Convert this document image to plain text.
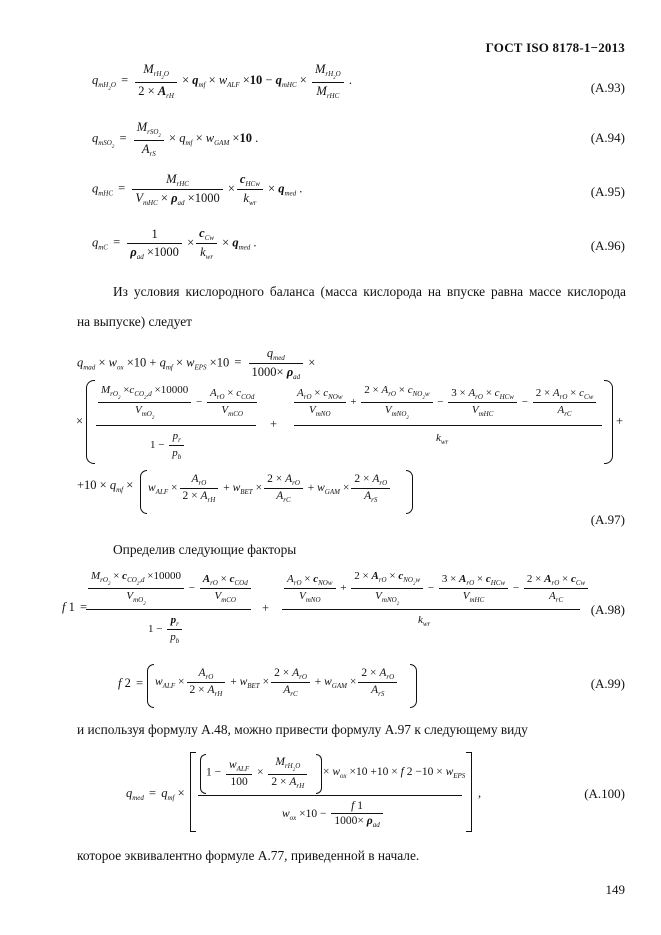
ГОСТ ISO 8178-1−2013
$q_{mH_2O} = \frac{M_{rH_2O}}{2 \times A_{rH}} \times q_{mf} \times w_{ALF} \times 10 - q_{mHC} \times \frac{M_{rH_2O}}{M_{rHC}}$ .
(A.93)
$q_{mSO_2} = \frac{M_{rSO_2}}{A_{rS}} \times q_{mf} \times w_{GAM} \times 10$ .	(A.94)
$q_{mHC} = \frac{M_{rHC}}{V_{mHC} \times \rho_{ad} \times 1000} \times \frac{c_{HCw}}{k_{wr}} \times q_{med}$ .	(A.95)
$q_{mC} = \frac{1}{\rho_{ad} \times 1000} \times \frac{c_{Cw}}{k_{wr}} \times q_{med}$ .	(A.96)
Из условия кислородного баланса (масса кислорода на впуске равна массе кислорода
на выпуске) следует
$q_{mad} \times w_{ox} \times 10 + q_{mf} \times w_{EPS} \times 10 = \frac{q_{med}}{1000\times \rho_{ad}}$ ×
×	+
$\frac{M_{rO_2} \times c_{CO_2,d} \times 10000}{V_{mO_2}} - \frac{A_{rO} \times c_{COd}}{V_{mCO}}$
$1 - \frac{p_r}{p_b}$
+
$\frac{A_{rO} \times c_{NOw}}{V_{mNO}} + \frac{2 \times A_{rO} \times c_{NO_2w}}{V_{mNO_2}} - \frac{3 \times A_{rO} \times c_{HCw}}{V_{mHC}} - \frac{2 \times A_{rO} \times c_{Cw}}{A_{rC}}$
$k_{wr}$
$+10 \times q_{mf} \times w_{ALF} \times \frac{A_{rO}}{2 \times A_{rH}} + w_{BET} \times \frac{2 \times A_{rO}}{A_{rC}} + w_{GAM} \times \frac{2 \times A_{rO}}{A_{rS}}$
(A.97)
Определив следующие факторы
f 1 =	+
$\frac{M_{rO_2} \times c_{CO_2,d} \times 10000}{V_{mO_2}} - \frac{A_{rO} \times c_{COd}}{V_{mCO}}$
$1 - \frac{p_r}{p_b}$
$\frac{A_{rO} \times c_{NOw}}{V_{mNO}} + \frac{2 \times A_{rO} \times c_{NO_2w}}{V_{mNO_2}} - \frac{3 \times A_{rO} \times c_{HCw}}{V_{mHC}} - \frac{2 \times A_{rO} \times c_{Cw}}{A_{rC}}$
$k_{wr}$
(A.98)
f $2 = w_{ALF} \times \frac{A_{rO}}{2 \times A_{rH}} + w_{BET} \times \frac{2 \times A_{rO}}{A_{rC}} + w_{GAM} \times \frac{2 \times A_{rO}}{A_{rS}}$	(A.99)
и используя формулу А.48, можно привести формулу А.97 к следующему виду
$q_{med} = q_{mf}$ ×	,
$1 - \frac{w_{ALF}}{100} \times \frac{M_{rH_2O}}{2 \times A_{rH}} \times w_{ox} \times 10 +10 \times f$ $2 -10 \times w_{EPS}$
$w_{ox} \times 10 - \frac{f 1}{1000\times \rho_{ad}}$
(A.100)
которое эквивалентно формуле А.77, приведенной в начале.
149
